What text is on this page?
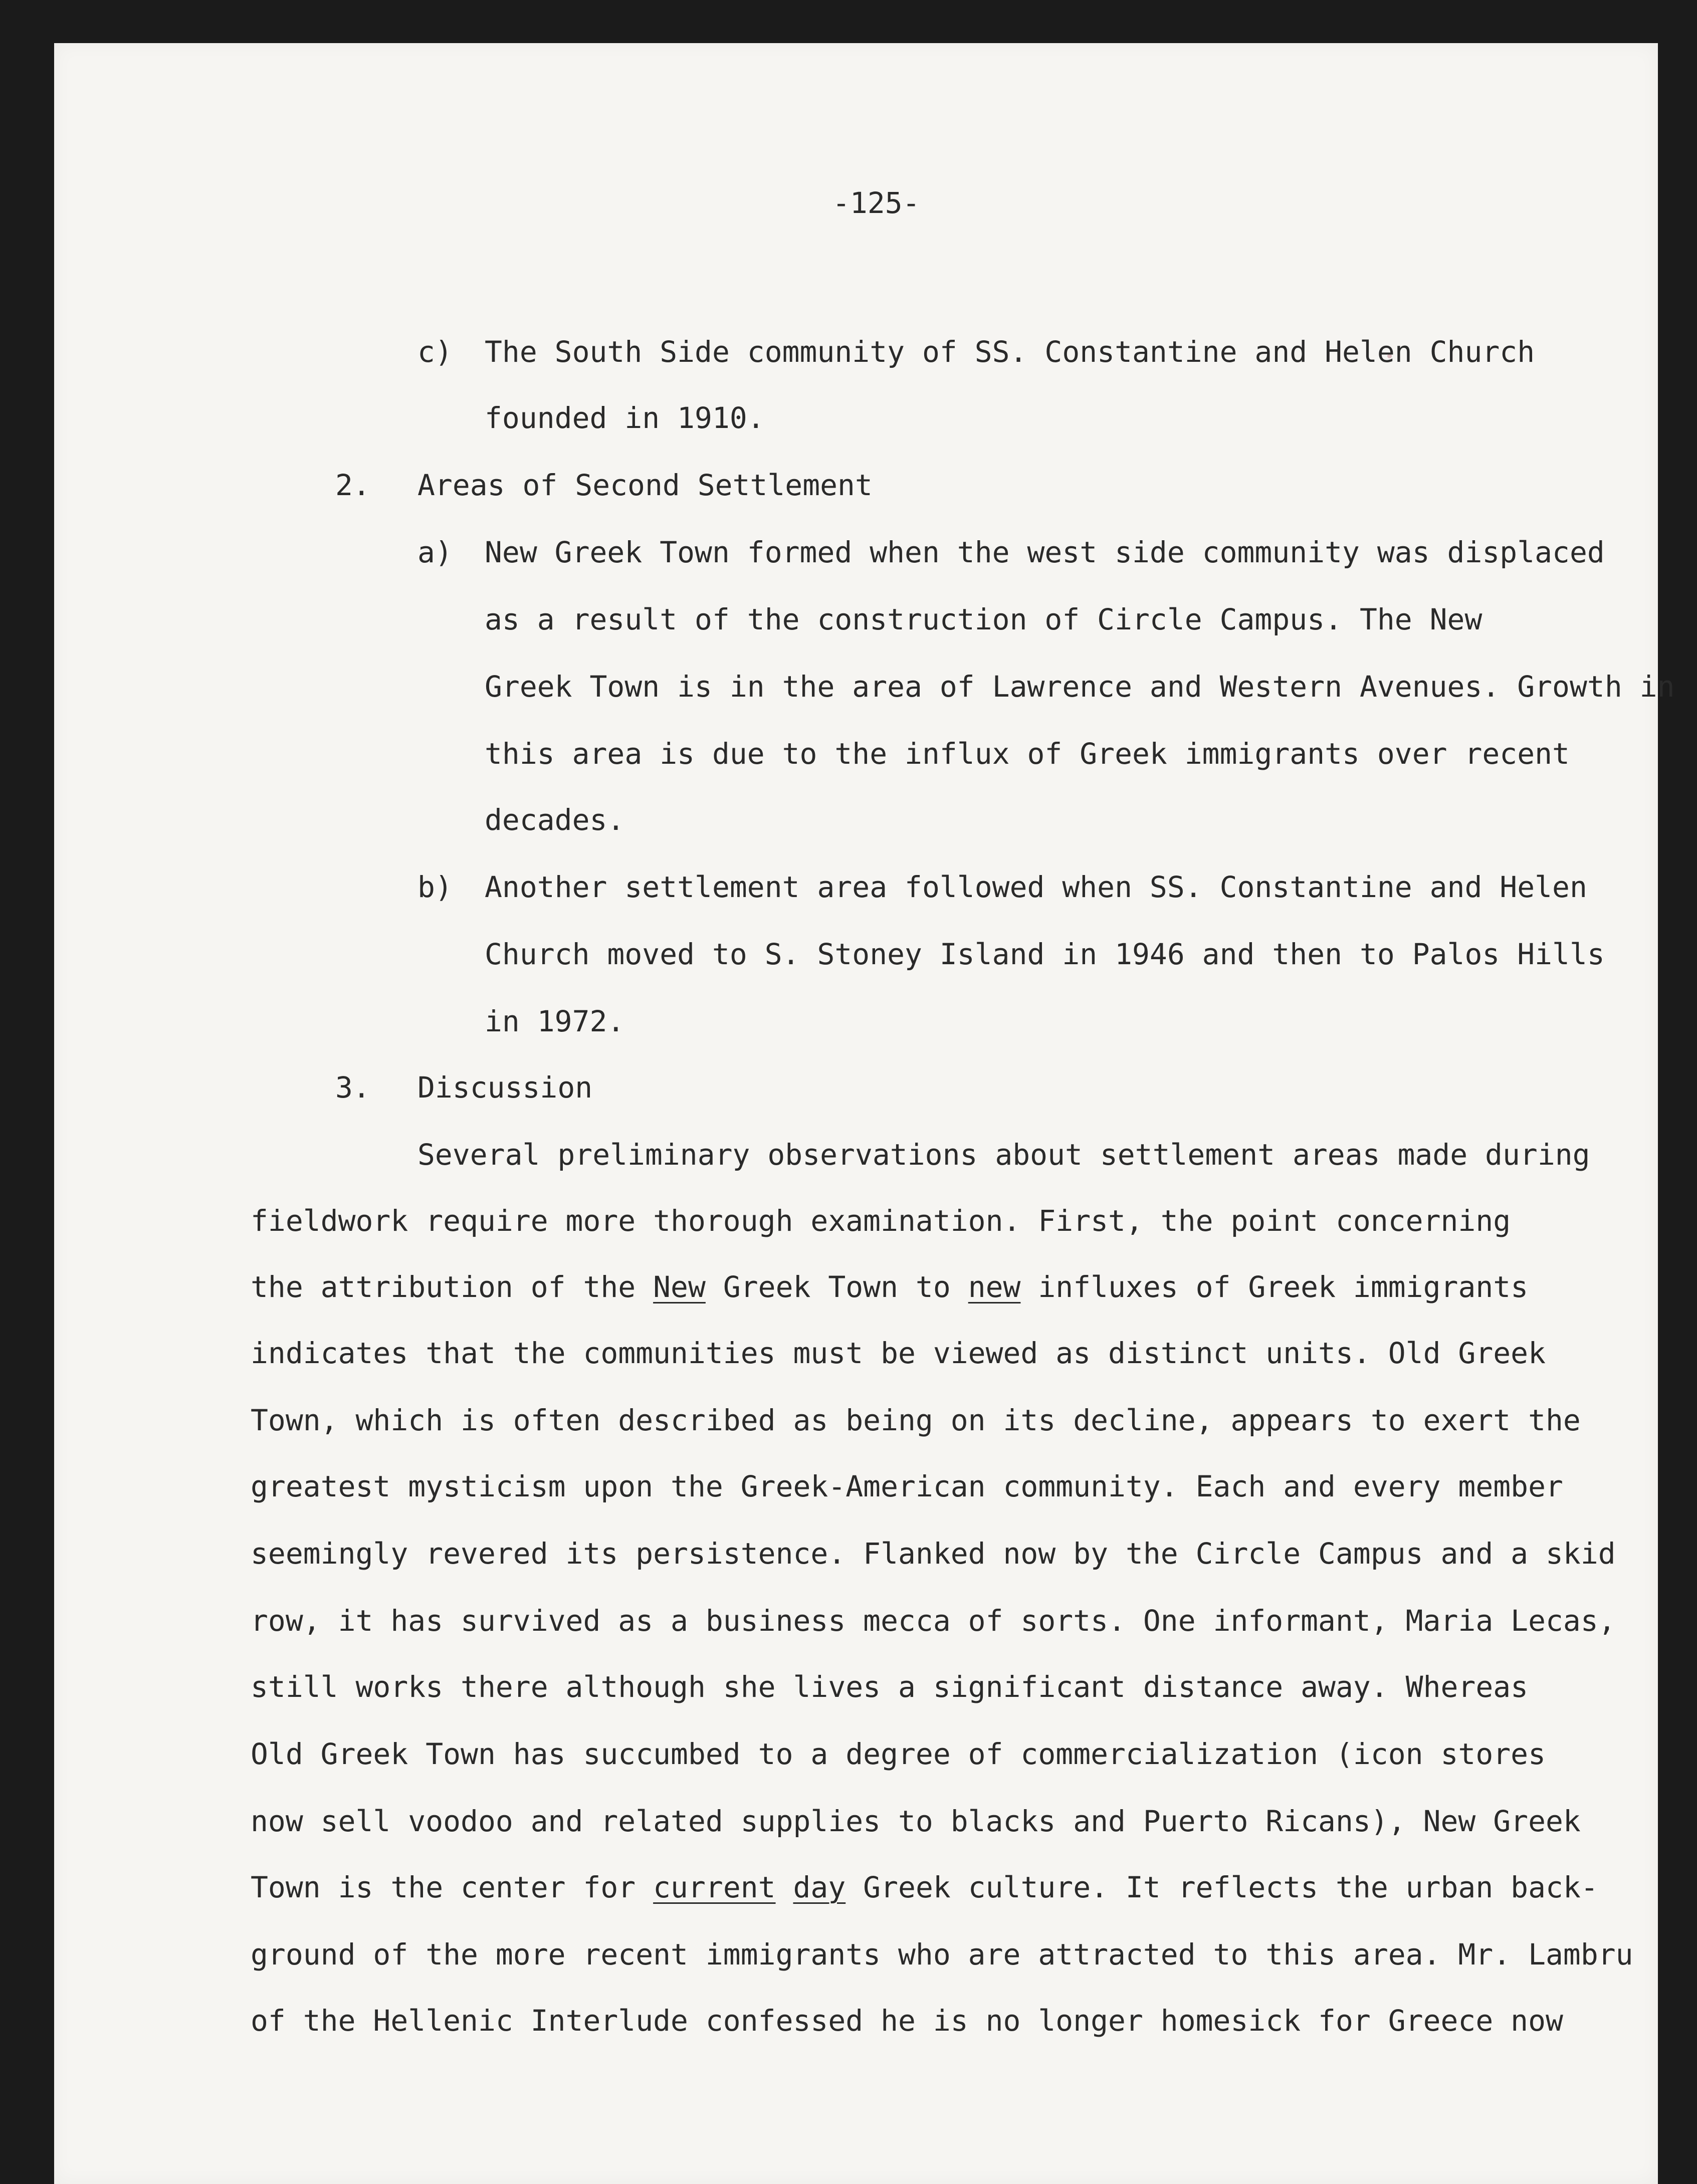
-125-
c) The South Side community of SS. Constantine and Helen Church
founded in 1910.
2. Areas of Second Settlement
a) New Greek Town formed when the west side community was displaced
as a result of the construction of Circle Campus. The New
Greek Town is in the area of Lawrence and Western Avenues. Growth in
this area is due to the influx of Greek immigrants over recent
decades.
b) Another settlement area followed when SS. Constantine and Helen
Church moved to S. Stoney Island in 1946 and then to Palos Hills
in 1972.
3. Discussion
Several preliminary observations about settlement areas made during
fieldwork require more thorough examination. First, the point concerning
the attribution of the New Greek Town to new influxes of Greek immigrants
indicates that the communities must be viewed as distinct units. Old Greek
Town, which is often described as being on its decline, appears to exert the
greatest mysticism upon the Greek-American community. Each and every member
seemingly revered its persistence. Flanked now by the Circle Campus and a skid
row, it has survived as a business mecca of sorts. One informant, Maria Lecas,
still works there although she lives a significant distance away. Whereas
Old Greek Town has succumbed to a degree of commercialization (icon stores
now sell voodoo and related supplies to blacks and Puerto Ricans), New Greek
Town is the center for current day Greek culture. It reflects the urban back-
ground of the more recent immigrants who are attracted to this area. Mr. Lambru
of the Hellenic Interlude confessed he is no longer homesick for Greece now
